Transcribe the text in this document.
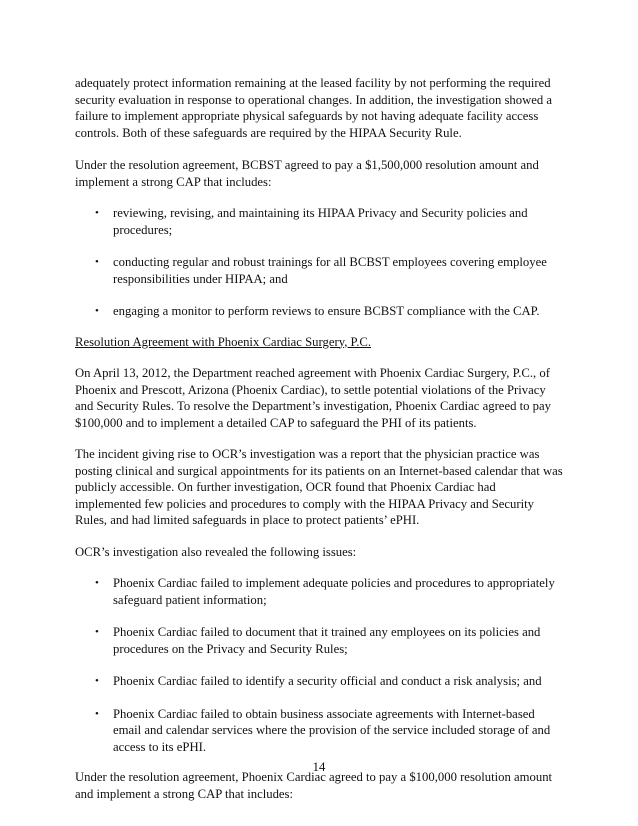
adequately protect information remaining at the leased facility by not performing the required security evaluation in response to operational changes. In addition, the investigation showed a failure to implement appropriate physical safeguards by not having adequate facility access controls. Both of these safeguards are required by the HIPAA Security Rule.

Under the resolution agreement, BCBST agreed to pay a $1,500,000 resolution amount and implement a strong CAP that includes:

• reviewing, revising, and maintaining its HIPAA Privacy and Security policies and procedures;
• conducting regular and robust trainings for all BCBST employees covering employee responsibilities under HIPAA; and
• engaging a monitor to perform reviews to ensure BCBST compliance with the CAP.

Resolution Agreement with Phoenix Cardiac Surgery, P.C.

On April 13, 2012, the Department reached agreement with Phoenix Cardiac Surgery, P.C., of Phoenix and Prescott, Arizona (Phoenix Cardiac), to settle potential violations of the Privacy and Security Rules. To resolve the Department’s investigation, Phoenix Cardiac agreed to pay $100,000 and to implement a detailed CAP to safeguard the PHI of its patients.

The incident giving rise to OCR’s investigation was a report that the physician practice was posting clinical and surgical appointments for its patients on an Internet-based calendar that was publicly accessible. On further investigation, OCR found that Phoenix Cardiac had implemented few policies and procedures to comply with the HIPAA Privacy and Security Rules, and had limited safeguards in place to protect patients’ ePHI.

OCR’s investigation also revealed the following issues:

• Phoenix Cardiac failed to implement adequate policies and procedures to appropriately safeguard patient information;
• Phoenix Cardiac failed to document that it trained any employees on its policies and procedures on the Privacy and Security Rules;
• Phoenix Cardiac failed to identify a security official and conduct a risk analysis; and
• Phoenix Cardiac failed to obtain business associate agreements with Internet-based email and calendar services where the provision of the service included storage of and access to its ePHI.

Under the resolution agreement, Phoenix Cardiac agreed to pay a $100,000 resolution amount and implement a strong CAP that includes:

14
